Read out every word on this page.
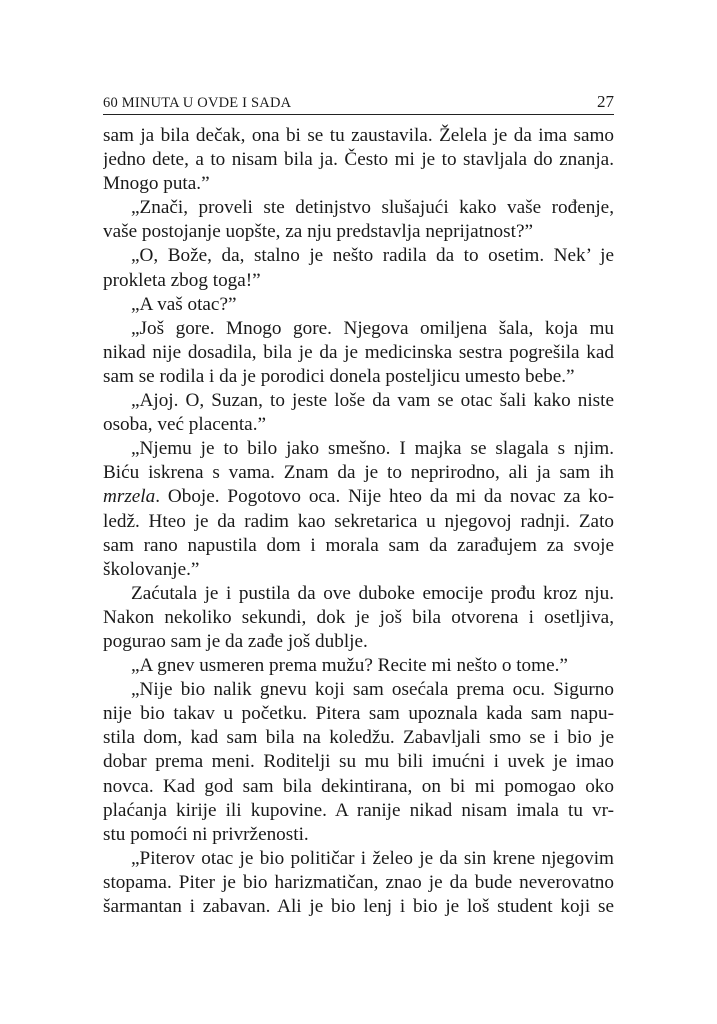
60 MINUTA U OVDE I SADA	27
sam ja bila dečak, ona bi se tu zaustavila. Želela je da ima samo
jedno dete, a to nisam bila ja. Često mi je to stavljala do znanja.
Mnogo puta.”
„Znači, proveli ste detinjstvo slušajući kako vaše rođenje,
vaše postojanje uopšte, za nju predstavlja neprijatnost?”
„O, Bože, da, stalno je nešto radila da to osetim. Nek’ je
prokleta zbog toga!”
„A vaš otac?”
„Još gore. Mnogo gore. Njegova omiljena šala, koja mu
nikad nije dosadila, bila je da je medicinska sestra pogrešila kad
sam se rodila i da je porodici donela posteljicu umesto bebe.”
„Ajoj. O, Suzan, to jeste loše da vam se otac šali kako niste
osoba, već placenta.”
„Njemu je to bilo jako smešno. I majka se slagala s njim.
Biću iskrena s vama. Znam da je to neprirodno, ali ja sam ih
mrzela. Oboje. Pogotovo oca. Nije hteo da mi da novac za ko-
ledž. Hteo je da radim kao sekretarica u njegovoj radnji. Zato
sam rano napustila dom i morala sam da zarađujem za svoje
školovanje.”
Zaćutala je i pustila da ove duboke emocije prođu kroz nju.
Nakon nekoliko sekundi, dok je još bila otvorena i osetljiva,
pogurao sam je da zađe još dublje.
„A gnev usmeren prema mužu? Recite mi nešto o tome.”
„Nije bio nalik gnevu koji sam osećala prema ocu. Sigurno
nije bio takav u početku. Pitera sam upoznala kada sam napu-
stila dom, kad sam bila na koledžu. Zabavljali smo se i bio je
dobar prema meni. Roditelji su mu bili imućni i uvek je imao
novca. Kad god sam bila dekintirana, on bi mi pomogao oko
plaćanja kirije ili kupovine. A ranije nikad nisam imala tu vr-
stu pomoći ni privrženosti.
„Piterov otac je bio političar i želeo je da sin krene njegovim
stopama. Piter je bio harizmatičan, znao je da bude neverovatno
šarmantan i zabavan. Ali je bio lenj i bio je loš student koji se
